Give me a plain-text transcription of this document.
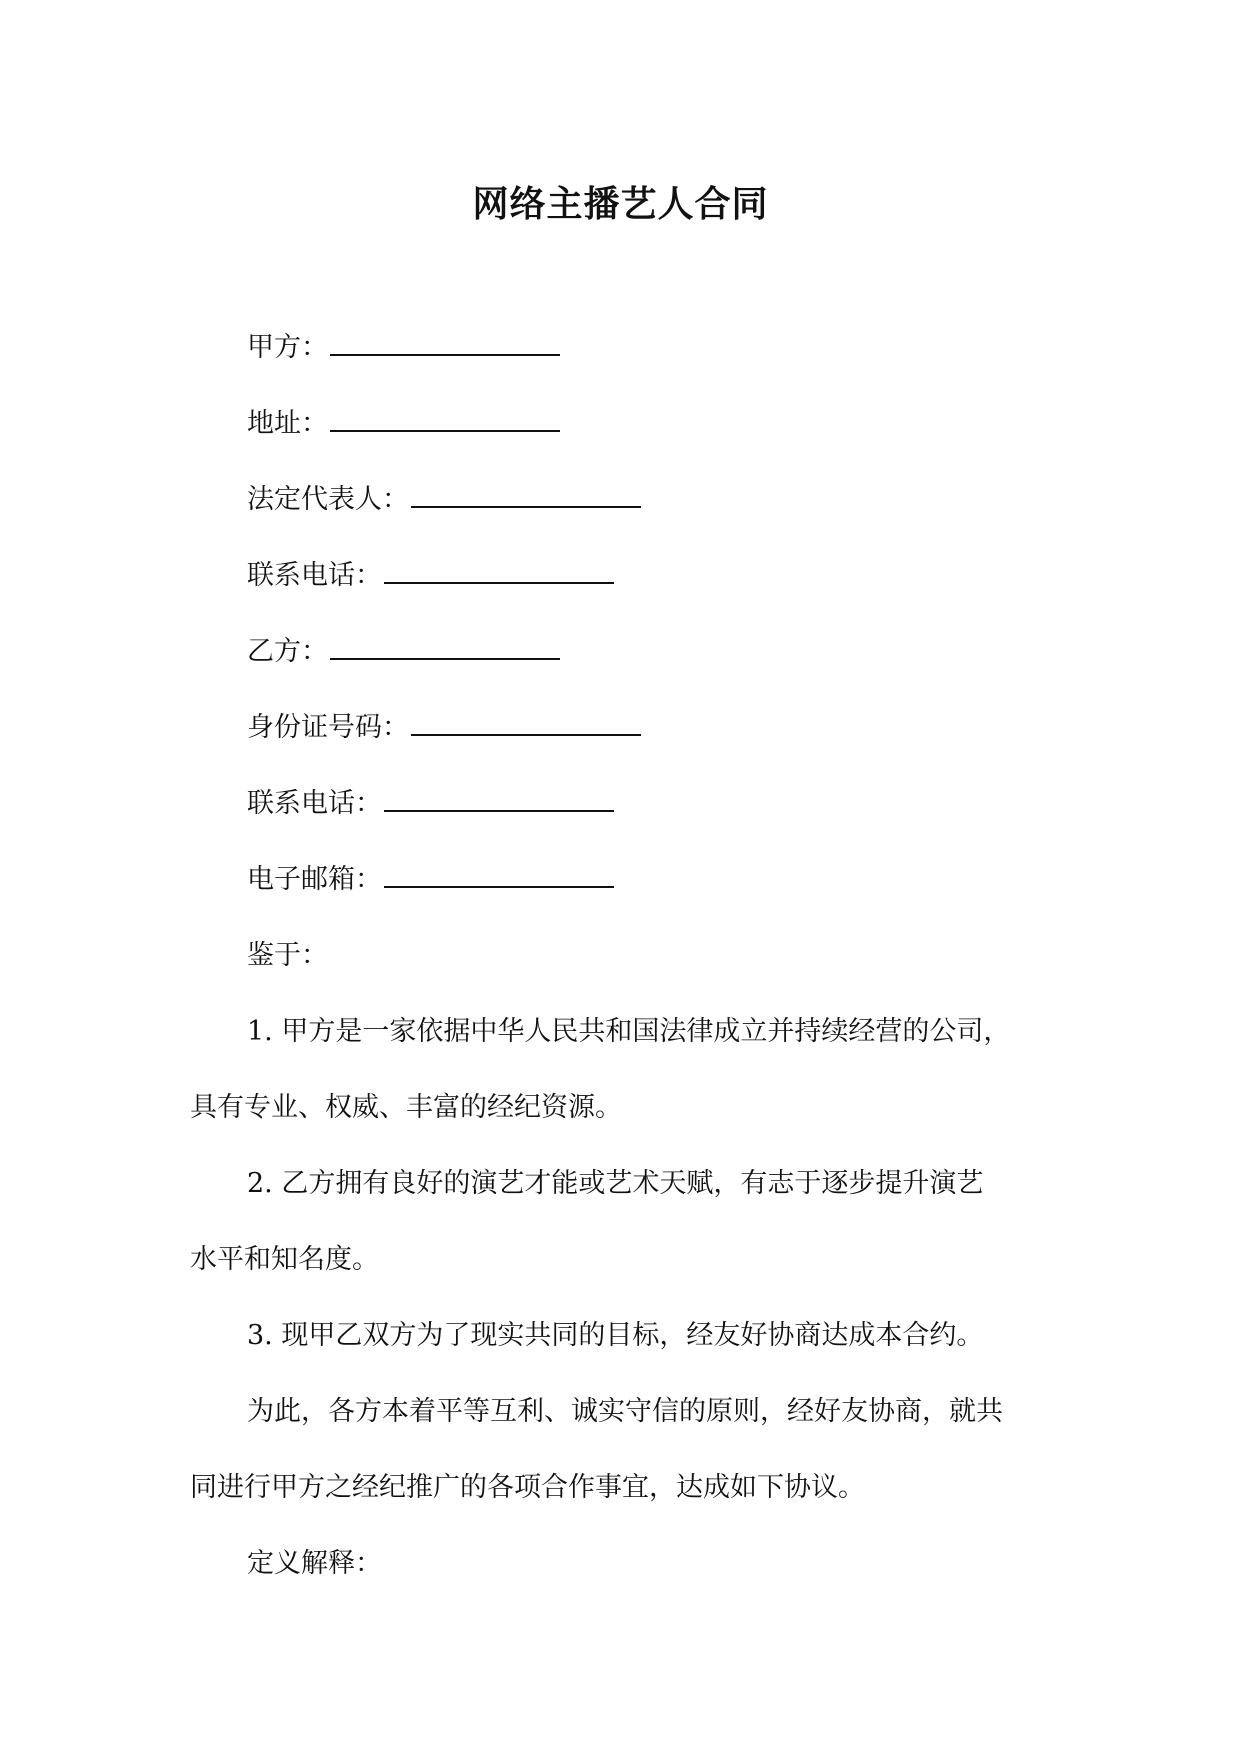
网络主播艺人合同

甲方：

地址：

法定代表人：

联系电话：

乙方：

身份证号码：

联系电话：

电子邮箱：

鉴于：

1. 甲方是一家依据中华人民共和国法律成立并持续经营的公司，

具有专业、权威、丰富的经纪资源。

2. 乙方拥有良好的演艺才能或艺术天赋，有志于逐步提升演艺

水平和知名度。

3. 现甲乙双方为了现实共同的目标，经友好协商达成本合约。

为此，各方本着平等互利、诚实守信的原则，经好友协商，就共

同进行甲方之经纪推广的各项合作事宜，达成如下协议。

定义解释：
